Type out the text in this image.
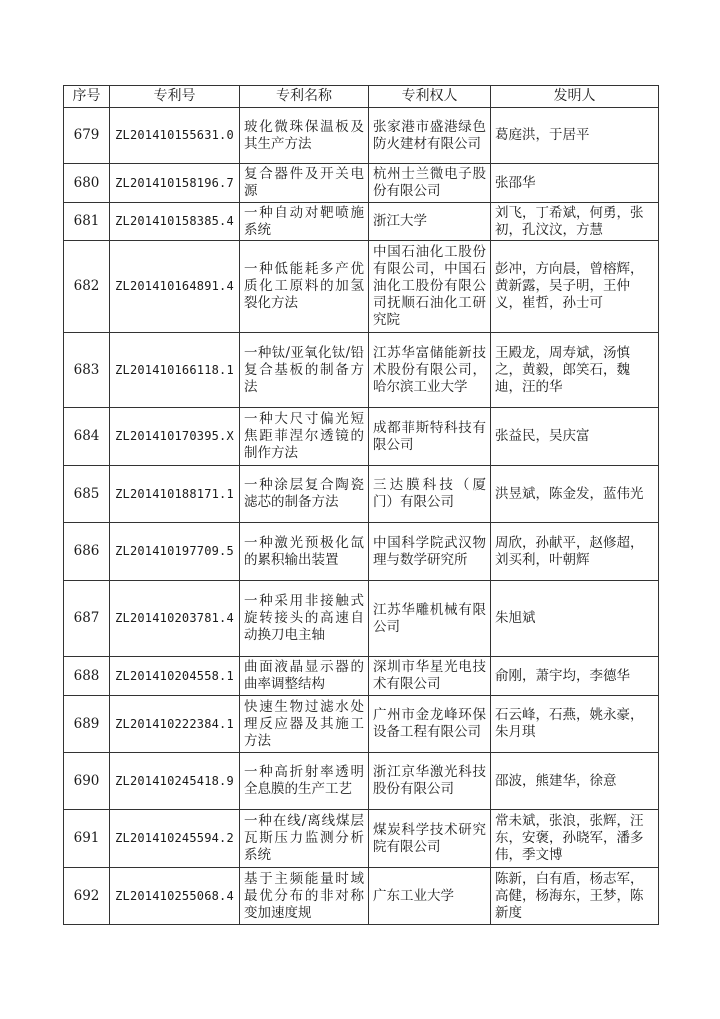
序号	专利号	专利名称	专利权人	发明人
679	ZL201410155631.0	玻化微珠保温板及其生产方法	张家港市盛港绿色防火建材有限公司	葛庭洪，于居平
680	ZL201410158196.7	复合器件及开关电源	杭州士兰微电子股份有限公司	张邵华
681	ZL201410158385.4	一种自动对靶喷施系统	浙江大学	刘飞，丁希斌，何勇，张初，孔汶汶，方慧
682	ZL201410164891.4	一种低能耗多产优质化工原料的加氢裂化方法	中国石油化工股份有限公司，中国石油化工股份有限公司抚顺石油化工研究院	彭冲，方向晨，曾榕辉，黄新露，吴子明，王仲义，崔哲，孙士可
683	ZL201410166118.1	一种钛/亚氧化钛/铅复合基板的制备方法	江苏华富储能新技术股份有限公司，哈尔滨工业大学	王殿龙，周寿斌，汤慎之，黄毅，郎笑石，魏迪，汪的华
684	ZL201410170395.X	一种大尺寸偏光短焦距菲涅尔透镜的制作方法	成都菲斯特科技有限公司	张益民，吴庆富
685	ZL201410188171.1	一种涂层复合陶瓷滤芯的制备方法	三达膜科技（厦门）有限公司	洪昱斌，陈金发，蓝伟光
686	ZL201410197709.5	一种激光预极化氙的累积输出装置	中国科学院武汉物理与数学研究所	周欣，孙献平，赵修超，刘买利，叶朝辉
687	ZL201410203781.4	一种采用非接触式旋转接头的高速自动换刀电主轴	江苏华雕机械有限公司	朱旭斌
688	ZL201410204558.1	曲面液晶显示器的曲率调整结构	深圳市华星光电技术有限公司	俞刚，萧宇均，李德华
689	ZL201410222384.1	快速生物过滤水处理反应器及其施工方法	广州市金龙峰环保设备工程有限公司	石云峰，石燕，姚永豪，朱月琪
690	ZL201410245418.9	一种高折射率透明全息膜的生产工艺	浙江京华激光科技股份有限公司	邵波，熊建华，徐意
691	ZL201410245594.2	一种在线/离线煤层瓦斯压力监测分析系统	煤炭科学技术研究院有限公司	常未斌，张浪，张辉，汪东，安褒，孙晓军，潘多伟，季文博
692	ZL201410255068.4	基于主频能量时域最优分布的非对称变加速度规	广东工业大学	陈新，白有盾，杨志军，高健，杨海东，王梦，陈新度
